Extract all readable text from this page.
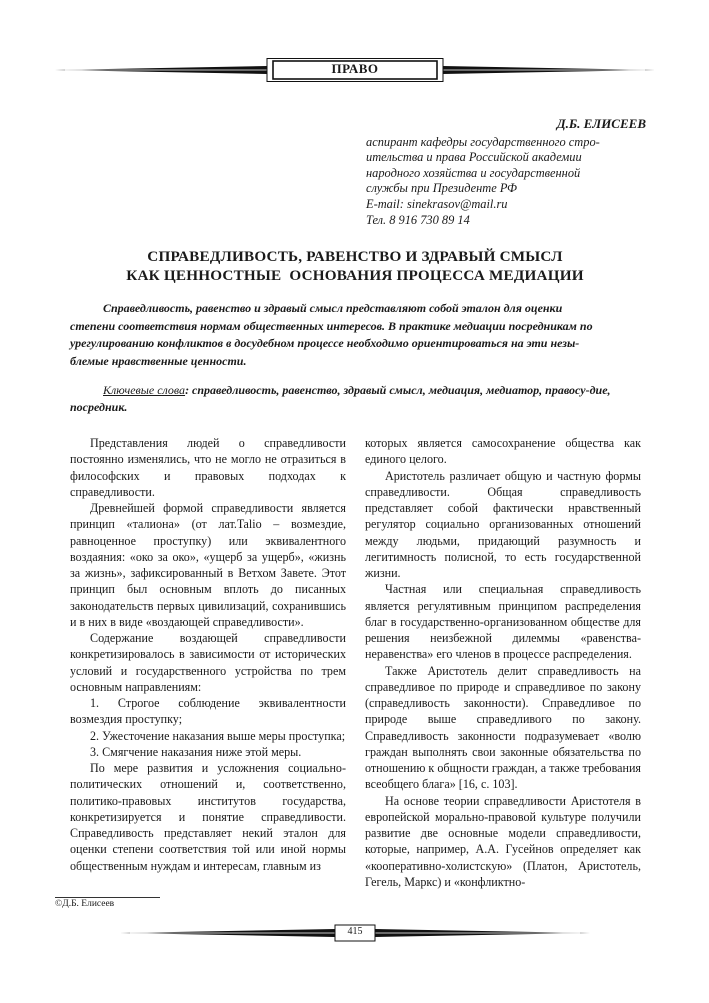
ПРАВО
Д.Б. ЕЛИСЕЕВ
аспирант кафедры государственного стро-
ительства и права Российской академии
народного хозяйства и государственной
службы при Президенте РФ
E-mail: sinekrasov@mail.ru
Тел. 8 916 730 89 14
СПРАВЕДЛИВОСТЬ, РАВЕНСТВО И ЗДРАВЫЙ СМЫСЛ
КАК ЦЕННОСТНЫЕ  ОСНОВАНИЯ ПРОЦЕССА МЕДИАЦИИ
Справедливость, равенство и здравый смысл представляют собой эталон для оценки
степени соответствия нормам общественных интересов. В практике медиации посредникам по
урегулированию конфликтов в досудебном процессе необходимо ориентироваться на эти незы-
блемые нравственные ценности.
Ключевые слова: справедливость, равенство, здравый смысл, медиация, медиатор, правосу-дие, посредник.

Представления людей о справедливости постоянно изменялись, что не могло не отразиться в философских и правовых подходах к справедливости.

Древнейшей формой справедливости является принцип «талиона» (от лат.Talio – возмездие, равноценное проступку) или эквивалентного воздаяния: «око за око», «ущерб за ущерб», «жизнь за жизнь», зафиксированный в Ветхом Завете. Этот принцип был основным вплоть до писанных законодательств первых цивилизаций, сохранившись и в них в виде «воздающей справедливости».

Содержание воздающей справедливости конкретизировалось в зависимости от исторических условий и государственного устройства по трем основным направлениям:

1. Строгое соблюдение эквивалентности возмездия проступку;

2. Ужесточение наказания выше меры проступка;

3. Смягчение наказания ниже этой меры.

По мере развития и усложнения социально-политических отношений и, соответственно, политико-правовых институтов государства, конкретизируется и понятие справедливости. Справедливость представляет некий эталон для оценки степени соответствия той или иной нормы общественным нуждам и интересам, главным из

которых является самосохранение общества как единого целого.

Аристотель различает общую и частную формы справедливости. Общая справедливость представляет собой фактически нравственный регулятор социально организованных отношений между людьми, придающий разумность и легитимность полисной, то есть государственной жизни.

Частная или специальная справедливость является регулятивным принципом распределения благ в государственно-организованном обществе для решения неизбежной дилеммы «равенства-неравенства» его членов в процессе распределения.

Также Аристотель делит справедливость на справедливое по природе и справедливое по закону (справедливость законности). Справедливое по природе выше справедливого по закону. Справедливость законности подразумевает «волю граждан выполнять свои законные обязательства по отношению к общности граждан, а также требования всеобщего блага» [16, с. 103].

На основе теории справедливости Аристотеля в европейской морально-правовой культуре получили развитие две основные модели справедливости, которые, например, А.А. Гусейнов определяет как «кооперативно-холистскую» (Платон, Аристотель, Гегель, Маркс) и «конфликтно-

©Д.Б. Елисеев
415
